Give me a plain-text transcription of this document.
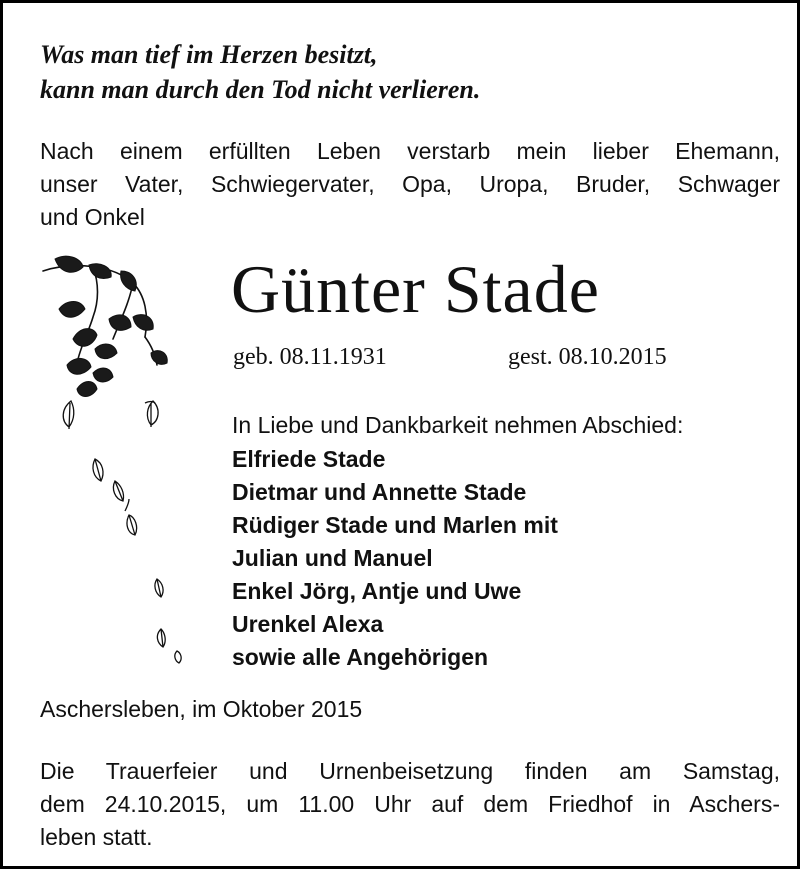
Was man tief im Herzen besitzt,
kann man durch den Tod nicht verlieren.
Nach einem erfüllten Leben verstarb mein lieber Ehemann,
unser Vater, Schwiegervater, Opa, Uropa, Bruder, Schwager
und Onkel
Günter Stade
geb. 08.11.1931	gest. 08.10.2015
In Liebe und Dankbarkeit nehmen Abschied:
Elfriede Stade
Dietmar und Annette Stade
Rüdiger Stade und Marlen mit
Julian und Manuel
Enkel Jörg, Antje und Uwe
Urenkel Alexa
sowie alle Angehörigen
Aschersleben, im Oktober 2015
Die Trauerfeier und Urnenbeisetzung finden am Samstag,
dem 24.10.2015, um 11.00 Uhr auf dem Friedhof in Aschers-
leben statt.
